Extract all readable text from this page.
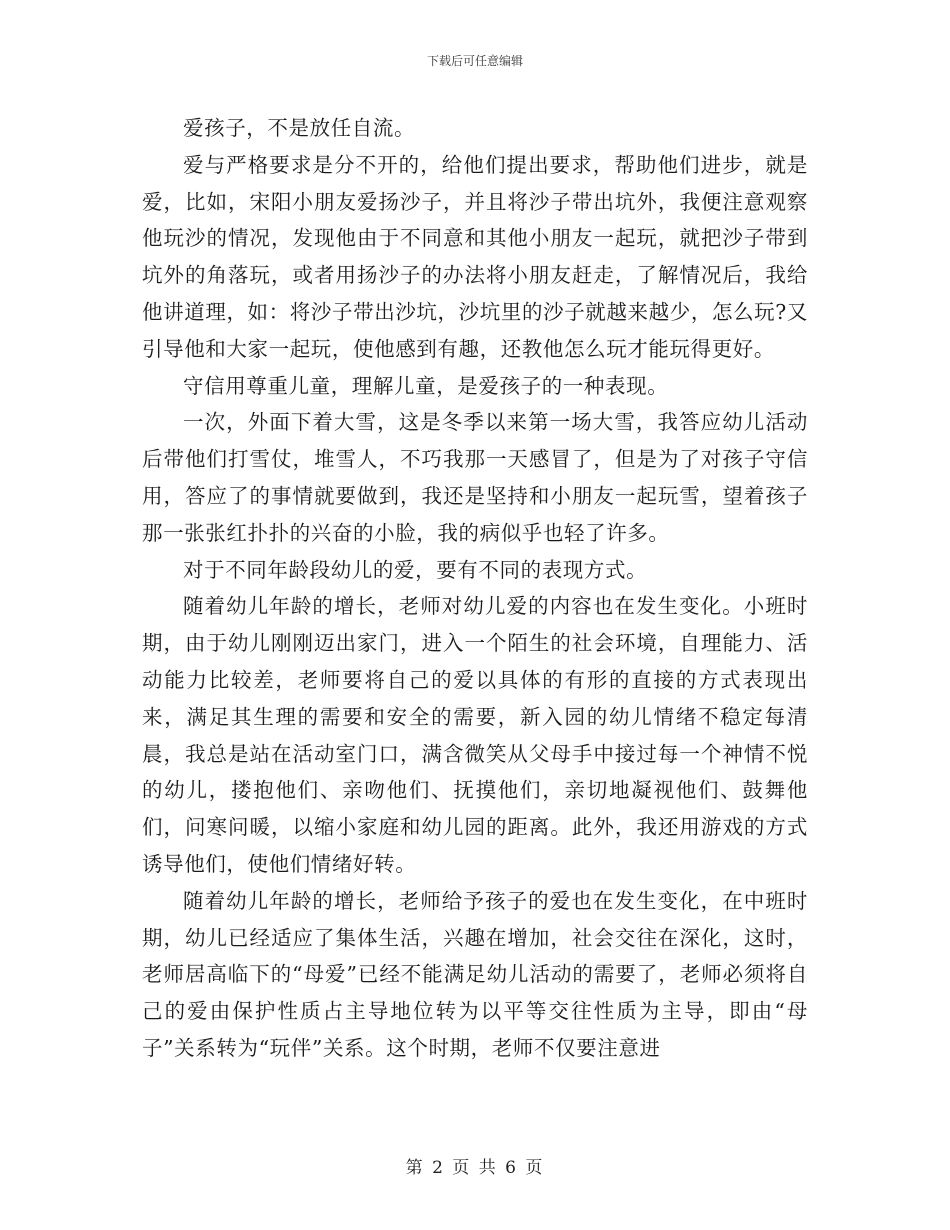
下载后可任意编辑

爱孩子，不是放任自流。

爱与严格要求是分不开的，给他们提出要求，帮助他们进步，就是爱，比如，宋阳小朋友爱扬沙子，并且将沙子带出坑外，我便注意观察他玩沙的情况，发现他由于不同意和其他小朋友一起玩，就把沙子带到坑外的角落玩，或者用扬沙子的办法将小朋友赶走，了解情况后，我给他讲道理，如：将沙子带出沙坑，沙坑里的沙子就越来越少，怎么玩?又引导他和大家一起玩，使他感到有趣，还教他怎么玩才能玩得更好。

守信用尊重儿童，理解儿童，是爱孩子的一种表现。

一次，外面下着大雪，这是冬季以来第一场大雪，我答应幼儿活动后带他们打雪仗，堆雪人，不巧我那一天感冒了，但是为了对孩子守信用，答应了的事情就要做到，我还是坚持和小朋友一起玩雪，望着孩子那一张张红扑扑的兴奋的小脸，我的病似乎也轻了许多。

对于不同年龄段幼儿的爱，要有不同的表现方式。

随着幼儿年龄的增长，老师对幼儿爱的内容也在发生变化。小班时期，由于幼儿刚刚迈出家门，进入一个陌生的社会环境，自理能力、活动能力比较差，老师要将自己的爱以具体的有形的直接的方式表现出来，满足其生理的需要和安全的需要，新入园的幼儿情绪不稳定每清晨，我总是站在活动室门口，满含微笑从父母手中接过每一个神情不悦的幼儿，搂抱他们、亲吻他们、抚摸他们，亲切地凝视他们、鼓舞他们，问寒问暖，以缩小家庭和幼儿园的距离。此外，我还用游戏的方式诱导他们，使他们情绪好转。

随着幼儿年龄的增长，老师给予孩子的爱也在发生变化，在中班时期，幼儿已经适应了集体生活，兴趣在增加，社会交往在深化，这时，老师居高临下的“母爱”已经不能满足幼儿活动的需要了，老师必须将自己的爱由保护性质占主导地位转为以平等交往性质为主导，即由“母子”关系转为“玩伴”关系。这个时期，老师不仅要注意进

第 2 页 共 6 页
